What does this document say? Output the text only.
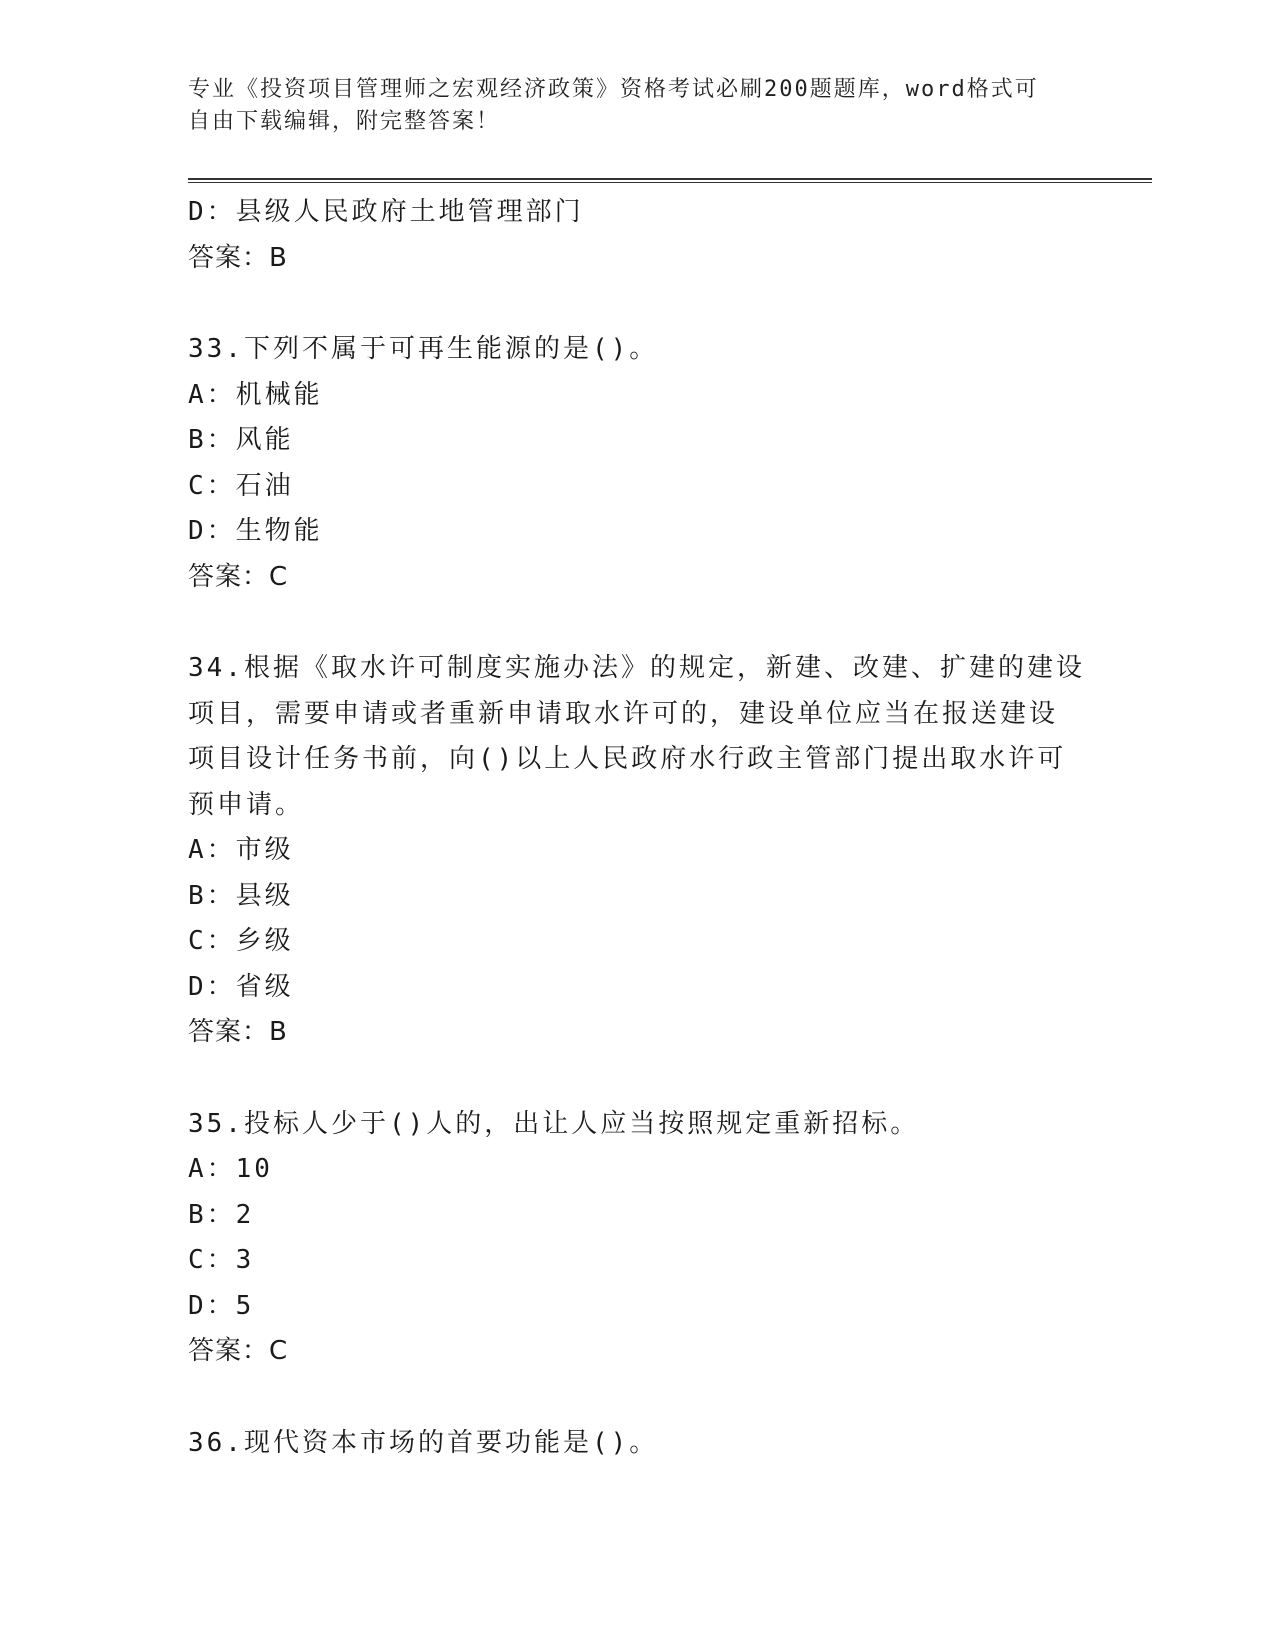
专业《投资项目管理师之宏观经济政策》资格考试必刷200题题库，word格式可
自由下载编辑，附完整答案！
D：县级人民政府土地管理部门
答案：B
33.下列不属于可再生能源的是()。
A：机械能
B：风能
C：石油
D：生物能
答案：C
34.根据《取水许可制度实施办法》的规定，新建、改建、扩建的建设
项目，需要申请或者重新申请取水许可的，建设单位应当在报送建设
项目设计任务书前，向()以上人民政府水行政主管部门提出取水许可
预申请。
A：市级
B：县级
C：乡级
D：省级
答案：B
35.投标人少于()人的，出让人应当按照规定重新招标。
A：10
B：2
C：3
D：5
答案：C
36.现代资本市场的首要功能是()。
